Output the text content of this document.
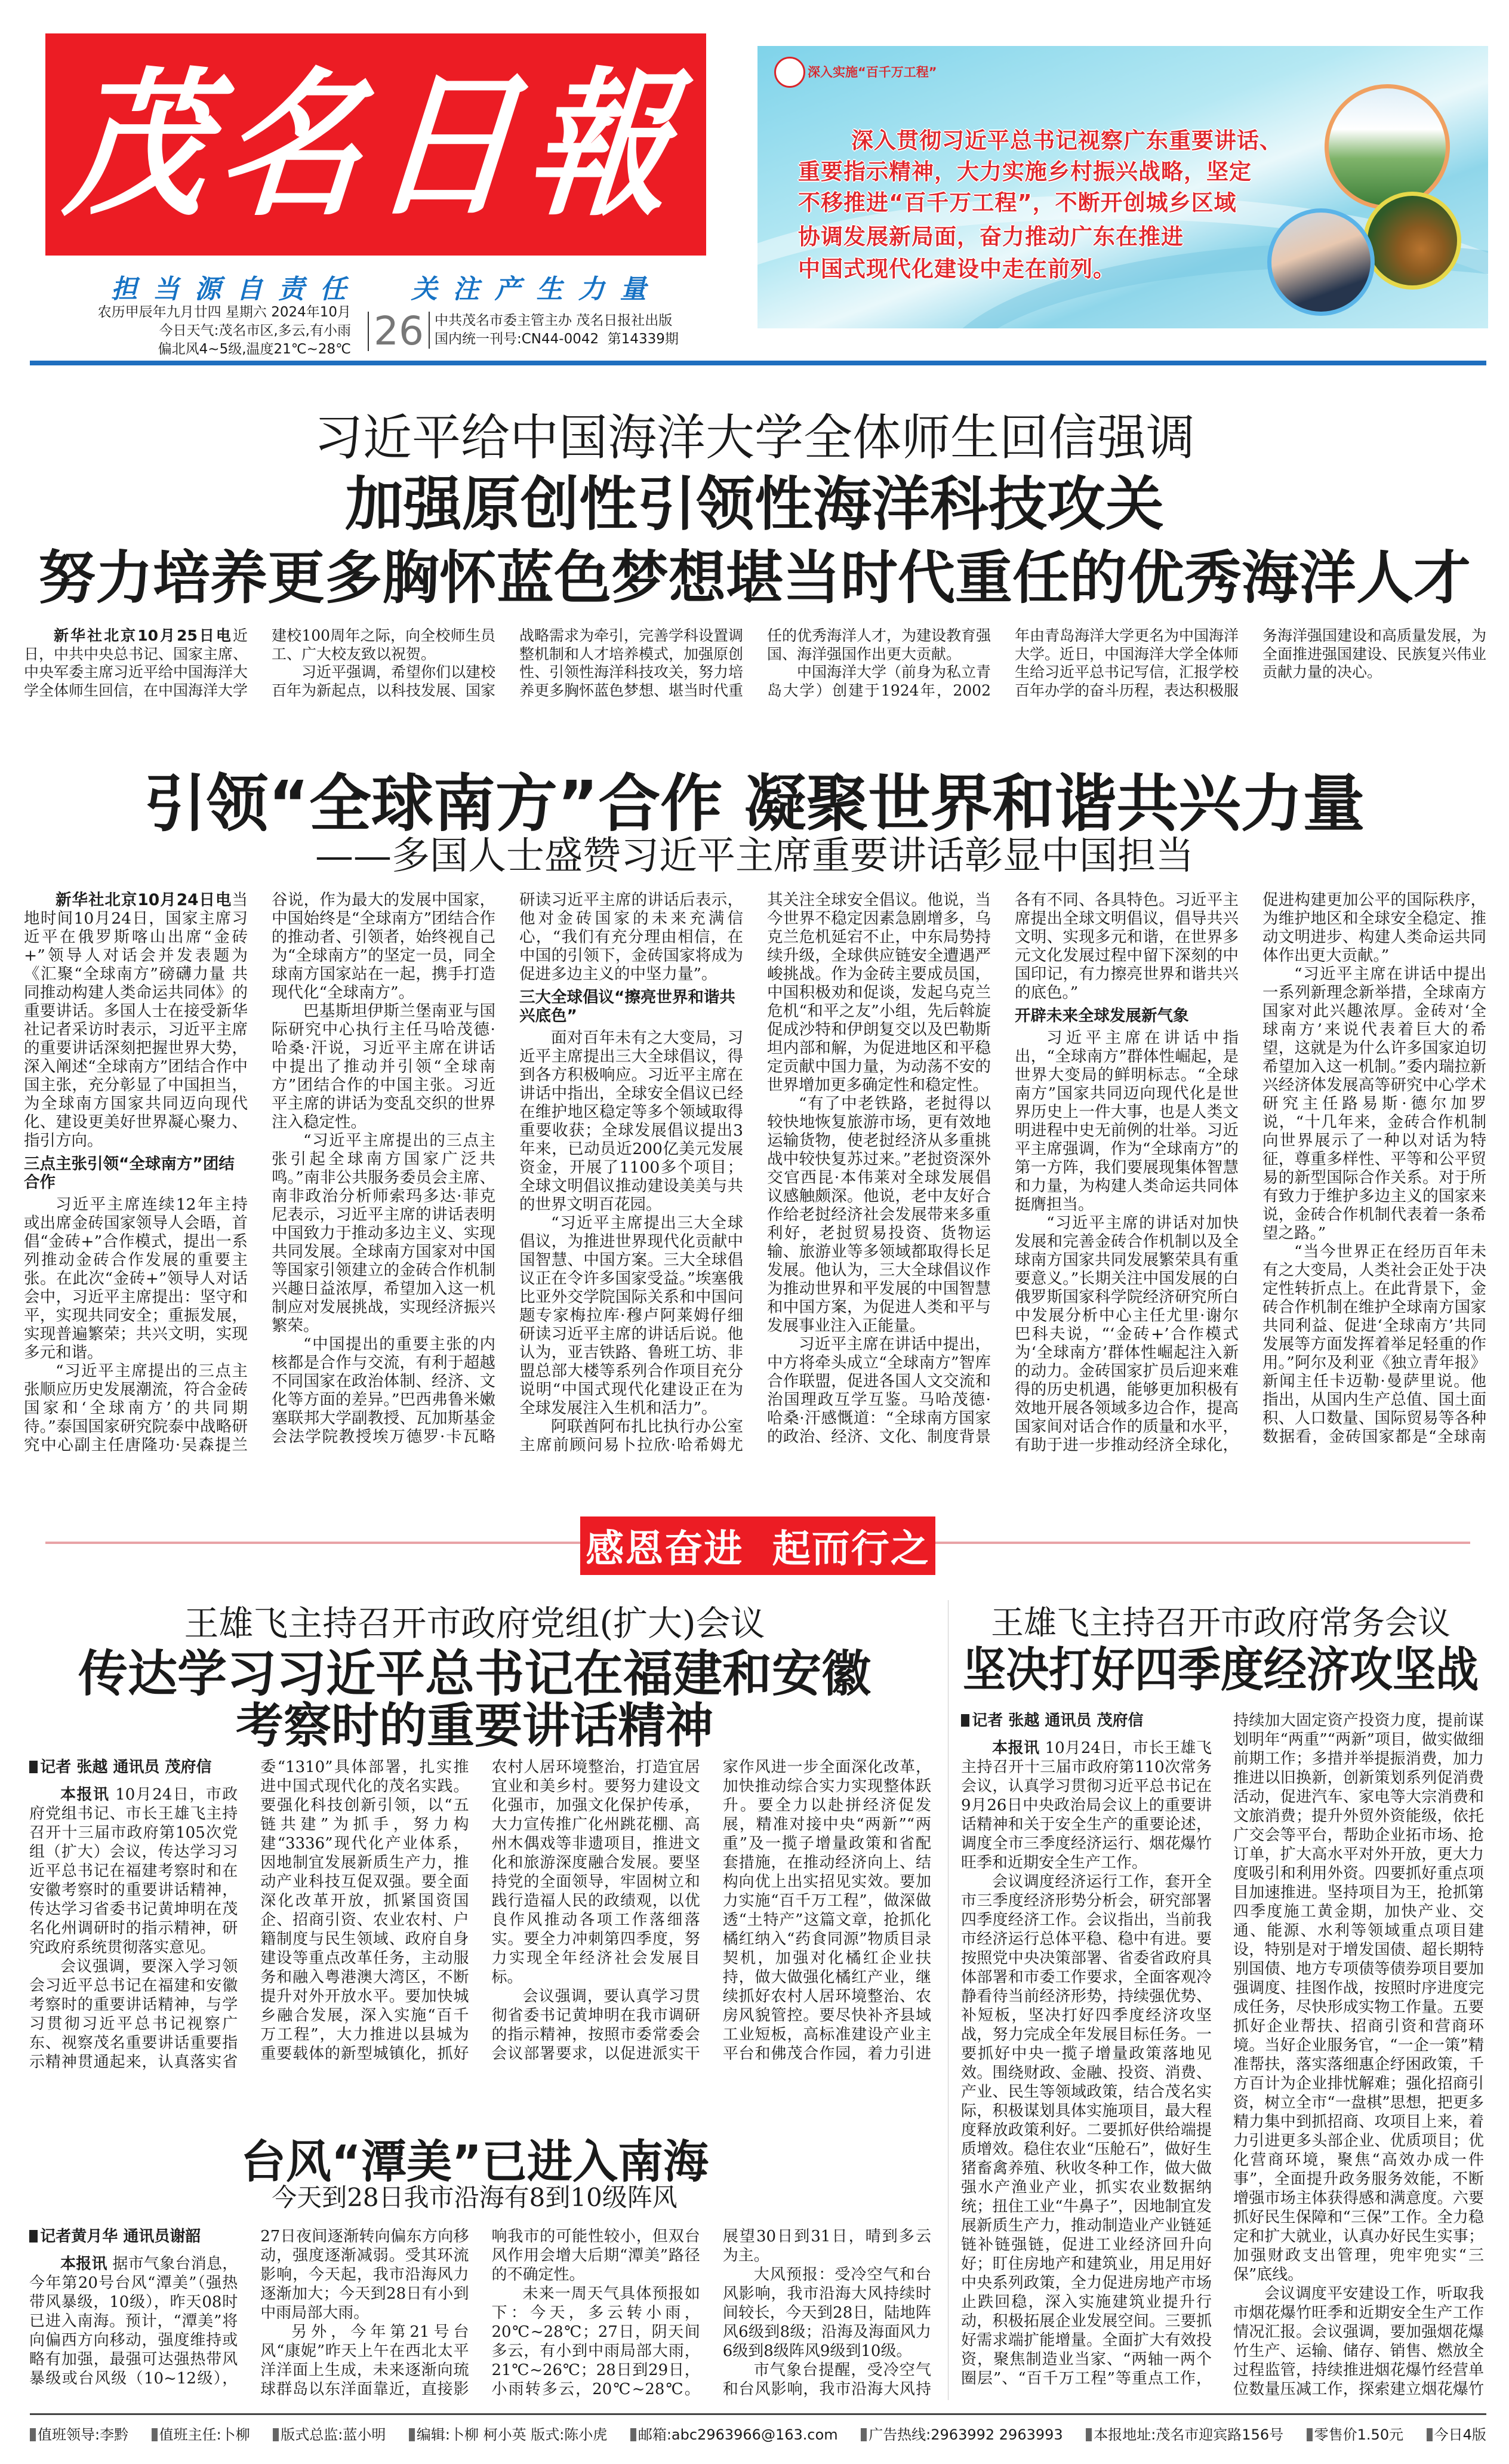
茂名日報
担当源自责任  关注产生力量
农历甲辰年九月廿四 星期六 2024年10月
今日天气:茂名市区,多云,有小雨
偏北风4~5级,温度21℃~28℃ 26 中共茂名市委主管主办 茂名日报社出版
国内统一刊号:CN44-0042 第14339期
深入实施“百千万工程”
深入贯彻习近平总书记视察广东重要讲话、
重要指示精神，大力实施乡村振兴战略，坚定
不移推进“百千万工程”，不断开创城乡区域
协调发展新局面，奋力推动广东在推进
中国式现代化建设中走在前列。
习近平给中国海洋大学全体师生回信强调
加强原创性引领性海洋科技攻关
努力培养更多胸怀蓝色梦想堪当时代重任的优秀海洋人才

新华社北京10月25日电近日，中共中央总书记、国家主席、中央军委主席习近平给中国海洋大学全体师生回信，在中国海洋大学建校100周年之际，向全校师生员工、广大校友致以祝贺。

习近平强调，希望你们以建校百年为新起点，以科技发展、国家战略需求为牵引，完善学科设置调整机制和人才培养模式，加强原创性、引领性海洋科技攻关，努力培养更多胸怀蓝色梦想、堪当时代重任的优秀海洋人才，为建设教育强国、海洋强国作出更大贡献。

中国海洋大学（前身为私立青岛大学）创建于1924年，2002年由青岛海洋大学更名为中国海洋大学。近日，中国海洋大学全体师生给习近平总书记写信，汇报学校百年办学的奋斗历程，表达积极服务海洋强国建设和高质量发展，为全面推进强国建设、民族复兴伟业贡献力量的决心。

引领“全球南方”合作 凝聚世界和谐共兴力量
——多国人士盛赞习近平主席重要讲话彰显中国担当

新华社北京10月24日电当地时间10月24日，国家主席习近平在俄罗斯喀山出席“金砖+”领导人对话会并发表题为《汇聚“全球南方”磅礴力量 共同推动构建人类命运共同体》的重要讲话。多国人士在接受新华社记者采访时表示，习近平主席的重要讲话深刻把握世界大势，深入阐述“全球南方”团结合作中国主张，充分彰显了中国担当，为全球南方国家共同迈向现代化、建设更美好世界凝心聚力、指引方向。

三点主张引领“全球南方”团结合作

习近平主席连续12年主持或出席金砖国家领导人会晤，首倡“金砖+”合作模式，提出一系列推动金砖合作发展的重要主张。在此次“金砖+”领导人对话会中，习近平主席提出：坚守和平，实现共同安全；重振发展，实现普遍繁荣；共兴文明，实现多元和谐。

“习近平主席提出的三点主张顺应历史发展潮流，符合金砖国家和‘全球南方’的共同期待。”泰国国家研究院泰中战略研究中心副主任唐隆功·吴森提兰谷说，作为最大的发展中国家，中国始终是“全球南方”团结合作的推动者、引领者，始终视自己为“全球南方”的坚定一员，同全球南方国家站在一起，携手打造现代化“全球南方”。

巴基斯坦伊斯兰堡南亚与国际研究中心执行主任马哈茂德·哈桑·汗说，习近平主席在讲话中提出了推动并引领“全球南方”团结合作的中国主张。习近平主席的讲话为变乱交织的世界注入稳定性。

“习近平主席提出的三点主张引起全球南方国家广泛共鸣。”南非公共服务委员会主席、南非政治分析师索玛多达·菲克尼表示，习近平主席的讲话表明中国致力于推动多边主义、实现共同发展。全球南方国家对中国等国家引领建立的金砖合作机制兴趣日益浓厚，希望加入这一机制应对发展挑战，实现经济振兴繁荣。

“中国提出的重要主张的内核都是合作与交流，有利于超越不同国家在政治体制、经济、文化等方面的差异。”巴西弗鲁米嫩塞联邦大学副教授、瓦加斯基金会法学院教授埃万德罗·卡瓦略研读习近平主席的讲话后表示，他对金砖国家的未来充满信心，“我们有充分理由相信，在中国的引领下，金砖国家将成为促进多边主义的中坚力量”。

三大全球倡议“擦亮世界和谐共兴底色”

面对百年未有之大变局，习近平主席提出三大全球倡议，得到各方积极响应。习近平主席在讲话中指出，全球安全倡议已经在维护地区稳定等多个领域取得重要收获；全球发展倡议提出3年来，已动员近200亿美元发展资金，开展了1100多个项目；全球文明倡议推动建设美美与共的世界文明百花园。

“习近平主席提出三大全球倡议，为推进世界现代化贡献中国智慧、中国方案。三大全球倡议正在令许多国家受益。”埃塞俄比亚外交学院国际关系和中国问题专家梅拉库·穆卢阿莱姆仔细研读习近平主席的讲话后说。他认为，亚吉铁路、鲁班工坊、非盟总部大楼等系列合作项目充分说明“中国式现代化建设正在为全球发展注入生机和活力”。

阿联酋阿布扎比执行办公室主席前顾问易卜拉欣·哈希姆尤其关注全球安全倡议。他说，当今世界不稳定因素急剧增多，乌克兰危机延宕不止，中东局势持续升级，全球供应链安全遭遇严峻挑战。作为金砖主要成员国，中国积极劝和促谈，发起乌克兰危机“和平之友”小组，先后斡旋促成沙特和伊朗复交以及巴勒斯坦内部和解，为促进地区和平稳定贡献中国力量，为动荡不安的世界增加更多确定性和稳定性。

“有了中老铁路，老挝得以较快地恢复旅游市场，更有效地运输货物，使老挝经济从多重挑战中较快复苏过来。”老挝资深外交官西昆·本伟莱对全球发展倡议感触颇深。他说，老中友好合作给老挝经济社会发展带来多重利好，老挝贸易投资、货物运输、旅游业等多领域都取得长足发展。他认为，三大全球倡议作为推动世界和平发展的中国智慧和中国方案，为促进人类和平与发展事业注入正能量。

习近平主席在讲话中提出，中方将牵头成立“全球南方”智库合作联盟，促进各国人文交流和治国理政互学互鉴。马哈茂德·哈桑·汗感慨道：“全球南方国家的政治、经济、文化、制度背景各有不同、各具特色。习近平主席提出全球文明倡议，倡导共兴文明、实现多元和谐，在世界多元文化发展过程中留下深刻的中国印记，有力擦亮世界和谐共兴的底色。”

开辟未来全球发展新气象

习近平主席在讲话中指出，“全球南方”群体性崛起，是世界大变局的鲜明标志。“全球南方”国家共同迈向现代化是世界历史上一件大事，也是人类文明进程中史无前例的壮举。习近平主席强调，作为“全球南方”的第一方阵，我们要展现集体智慧和力量，为构建人类命运共同体挺膺担当。

“习近平主席的讲话对加快发展和完善金砖合作机制以及全球南方国家共同发展繁荣具有重要意义。”长期关注中国发展的白俄罗斯国家科学院经济研究所白中发展分析中心主任尤里·谢尔巴科夫说，“‘金砖+’合作模式为‘全球南方’群体性崛起注入新的动力。金砖国家扩员后迎来难得的历史机遇，能够更加积极有效地开展各领域多边合作，提高国家间对话合作的质量和水平，有助于进一步推动经济全球化，促进构建更加公平的国际秩序，为维护地区和全球安全稳定、推动文明进步、构建人类命运共同体作出更大贡献。”

“习近平主席在讲话中提出一系列新理念新举措，全球南方国家对此兴趣浓厚。金砖对‘全球南方’来说代表着巨大的希望，这就是为什么许多国家迫切希望加入这一机制。”委内瑞拉新兴经济体发展高等研究中心学术研究主任路易斯·德尔加罗说，“十几年来，金砖合作机制向世界展示了一种以对话为特征，尊重多样性、平等和公平贸易的新型国际合作关系。对于所有致力于维护多边主义的国家来说，金砖合作机制代表着一条希望之路。”

“当今世界正在经历百年未有之大变局，人类社会正处于决定性转折点上。在此背景下，金砖合作机制在维护全球南方国家共同利益、促进‘全球南方’共同发展等方面发挥着举足轻重的作用。”阿尔及利亚《独立青年报》新闻主任卡迈勒·曼萨里说。他指出，从国内生产总值、国土面积、人口数量、国际贸易等各种数据看，金砖国家都是“全球南

感恩奋进  起而行之
王雄飞主持召开市政府党组(扩大)会议
传达学习习近平总书记在福建和安徽
考察时的重要讲话精神

记者 张越 通讯员 茂府信

本报讯 10月24日，市政府党组书记、市长王雄飞主持召开十三届市政府第105次党组（扩大）会议，传达学习习近平总书记在福建考察时和在安徽考察时的重要讲话精神，传达学习省委书记黄坤明在茂名化州调研时的指示精神，研究政府系统贯彻落实意见。

会议强调，要深入学习领会习近平总书记在福建和安徽考察时的重要讲话精神，与学习贯彻习近平总书记视察广东、视察茂名重要讲话重要指示精神贯通起来，认真落实省委“1310”具体部署，扎实推进中国式现代化的茂名实践。要强化科技创新引领，以“五链共建”为抓手，努力构建“3336”现代化产业体系，因地制宜发展新质生产力，推动产业科技互促双强。要全面深化改革开放，抓紧国资国企、招商引资、农业农村、户籍制度与民生领域、政府自身建设等重点改革任务，主动服务和融入粤港澳大湾区，不断提升对外开放水平。要加快城乡融合发展，深入实施“百千万工程”，大力推进以县城为重要载体的新型城镇化，抓好农村人居环境整治，打造宜居宜业和美乡村。要努力建设文化强市，加强文化保护传承，大力宣传推广化州跳花棚、高州木偶戏等非遗项目，推进文化和旅游深度融合发展。要坚持党的全面领导，牢固树立和践行造福人民的政绩观，以优良作风推动各项工作落细落实。要全力冲刺第四季度，努力实现全年经济社会发展目标。

会议强调，要认真学习贯彻省委书记黄坤明在我市调研的指示精神，按照市委常委会会议部署要求，以促进派实干家作风进一步全面深化改革，加快推动综合实力实现整体跃升。要全力以赴拼经济促发展，精准对接中央“两新”“两重”及一揽子增量政策和省配套措施，在推动经济向上、结构向优上出实招见实效。要加力实施“百千万工程”，做深做透“土特产”这篇文章，抢抓化橘红纳入“药食同源”物质目录契机，加强对化橘红企业扶持，做大做强化橘红产业，继续抓好农村人居环境整治、农房风貌管控。要尽快补齐县域工业短板，高标准建设产业主平台和佛茂合作园，着力引进

台风“潭美”已进入南海
今天到28日我市沿海有8到10级阵风

记者黄月华 通讯员谢韶

本报讯 据市气象台消息，今年第20号台风“潭美”（强热带风暴级，10级），昨天08时已进入南海。预计，“潭美”将向偏西方向移动，强度维持或略有加强，最强可达强热带风暴级或台风级（10~12级），27日夜间逐渐转向偏东方向移动，强度逐渐减弱。受其环流影响，今天起，我市沿海风力逐渐加大；今天到28日有小到中雨局部大雨。

另外，今年第21号台风“康妮”昨天上午在西北太平洋洋面上生成，未来逐渐向琉球群岛以东洋面靠近，直接影响我市的可能性较小，但双台风作用会增大后期“潭美”路径的不确定性。

未来一周天气具体预报如下：今天，多云转小雨，20℃~28℃；27日，阴天间多云，有小到中雨局部大雨，21℃~26℃；28日到29日，小雨转多云，20℃~28℃。展望30日到31日，晴到多云为主。

大风预报：受冷空气和台风影响，我市沿海大风持续时间较长，今天到28日，陆地阵风6级到8级；沿海及海面风力6级到8级阵风9级到10级。

市气象台提醒，受冷空气和台风影响，我市沿海大风持

王雄飞主持召开市政府常务会议
坚决打好四季度经济攻坚战

记者 张越 通讯员 茂府信

本报讯 10月24日，市长王雄飞主持召开十三届市政府第110次常务会议，认真学习贯彻习近平总书记在9月26日中央政治局会议上的重要讲话精神和关于安全生产的重要论述，调度全市三季度经济运行、烟花爆竹旺季和近期安全生产工作。

会议调度经济运行工作，套开全市三季度经济形势分析会，研究部署四季度经济工作。会议指出，当前我市经济运行总体平稳、稳中有进。要按照党中央决策部署、省委省政府具体部署和市委工作要求，全面客观冷静看待当前经济形势，持续强优势、补短板，坚决打好四季度经济攻坚战，努力完成全年发展目标任务。一要抓好中央一揽子增量政策落地见效。围绕财政、金融、投资、消费、产业、民生等领域政策，结合茂名实际，积极谋划具体实施项目，最大程度释放政策利好。二要抓好供给端提质增效。稳住农业“压舱石”，做好生猪畜禽养殖、秋收冬种工作，做大做强水产渔业产业，抓实农业数据纳统；扭住工业“牛鼻子”，因地制宜发展新质生产力，推动制造业产业链延链补链强链，促进工业经济回升向好；盯住房地产和建筑业，用足用好中央系列政策，全力促进房地产市场止跌回稳，深入实施建筑业提升行动，积极拓展企业发展空间。三要抓好需求端扩能增量。全面扩大有效投资，聚焦制造业当家、“两轴一两个圈层”、“百千万工程”等重点工作，持续加大固定资产投资力度，提前谋划明年“两重”“两新”项目，做实做细前期工作；多措并举提振消费，加力推进以旧换新，创新策划系列促消费活动，促进汽车、家电等大宗消费和文旅消费；提升外贸外资能级，依托广交会等平台，帮助企业拓市场、抢订单，扩大高水平对外开放，更大力度吸引和利用外资。四要抓好重点项目加速推进。坚持项目为王，抢抓第四季度施工黄金期，加快产业、交通、能源、水利等领域重点项目建设，特别是对于增发国债、超长期特别国债、地方专项债等债券项目要加强调度、挂图作战，按照时序进度完成任务，尽快形成实物工作量。五要抓好企业帮扶、招商引资和营商环境。当好企业服务官，“一企一策”精准帮扶，落实落细惠企纾困政策，千方百计为企业排忧解难；强化招商引资，树立全市“一盘棋”思想，把更多精力集中到抓招商、攻项目上来，着力引进更多头部企业、优质项目；优化营商环境，聚焦“高效办成一件事”，全面提升政务服务效能，不断增强市场主体获得感和满意度。六要抓好民生保障和“三保”工作。全力稳定和扩大就业，认真办好民生实事；加强财政支出管理，兜牢兜实“三保”底线。

会议调度平安建设工作，听取我市烟花爆竹旺季和近期安全生产工作情况汇报。会议强调，要加强烟花爆竹生产、运输、储存、销售、燃放全过程监管，持续推进烟花爆竹经营单位数量压减工作，探索建立烟花爆竹

值班领导:李黔	值班主任:卜柳	版式总监:蓝小明	编辑:卜柳 柯小英 版式:陈小虎	邮箱:abc2963966@163.com	广告热线:2963992 2963993	本报地址:茂名市迎宾路156号	零售价1.50元	今日4版
